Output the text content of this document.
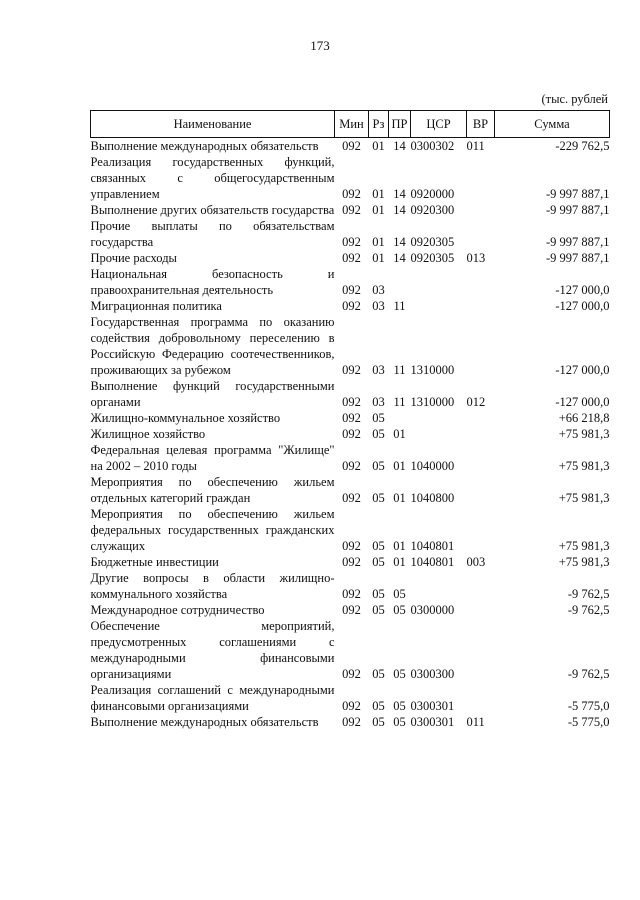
173
(тыс. рублей
Наименование	Мин	Рз	ПР	ЦСР	ВР	Сумма
Выполнение международных обязательств	092	01	14	0300302	011	-229 762,5
Реализация государственных функций, связанных с общегосударственным управлением	092	01	14	0920000		-9 997 887,1
Выполнение других обязательств государства	092	01	14	0920300		-9 997 887,1
Прочие выплаты по обязательствам государства	092	01	14	0920305		-9 997 887,1
Прочие расходы	092	01	14	0920305	013	-9 997 887,1
Национальная безопасность и правоохранительная деятельность	092	03				-127 000,0
Миграционная политика	092	03	11			-127 000,0
Государственная программа по оказанию содействия добровольному переселению в Российскую Федерацию соотечественников, проживающих за рубежом	092	03	11	1310000		-127 000,0
Выполнение функций государственными органами	092	03	11	1310000	012	-127 000,0
Жилищно-коммунальное хозяйство	092	05				+66 218,8
Жилищное хозяйство	092	05	01			+75 981,3
Федеральная целевая программа "Жилище" на 2002 – 2010 годы	092	05	01	1040000		+75 981,3
Мероприятия по обеспечению жильем отдельных категорий граждан	092	05	01	1040800		+75 981,3
Мероприятия по обеспечению жильем федеральных государственных гражданских служащих	092	05	01	1040801		+75 981,3
Бюджетные инвестиции	092	05	01	1040801	003	+75 981,3
Другие вопросы в области жилищно-коммунального хозяйства	092	05	05			-9 762,5
Международное сотрудничество	092	05	05	0300000		-9 762,5
Обеспечение мероприятий, предусмотренных соглашениями с международными финансовыми организациями	092	05	05	0300300		-9 762,5
Реализация соглашений с международными финансовыми организациями	092	05	05	0300301		-5 775,0
Выполнение международных обязательств	092	05	05	0300301	011	-5 775,0
